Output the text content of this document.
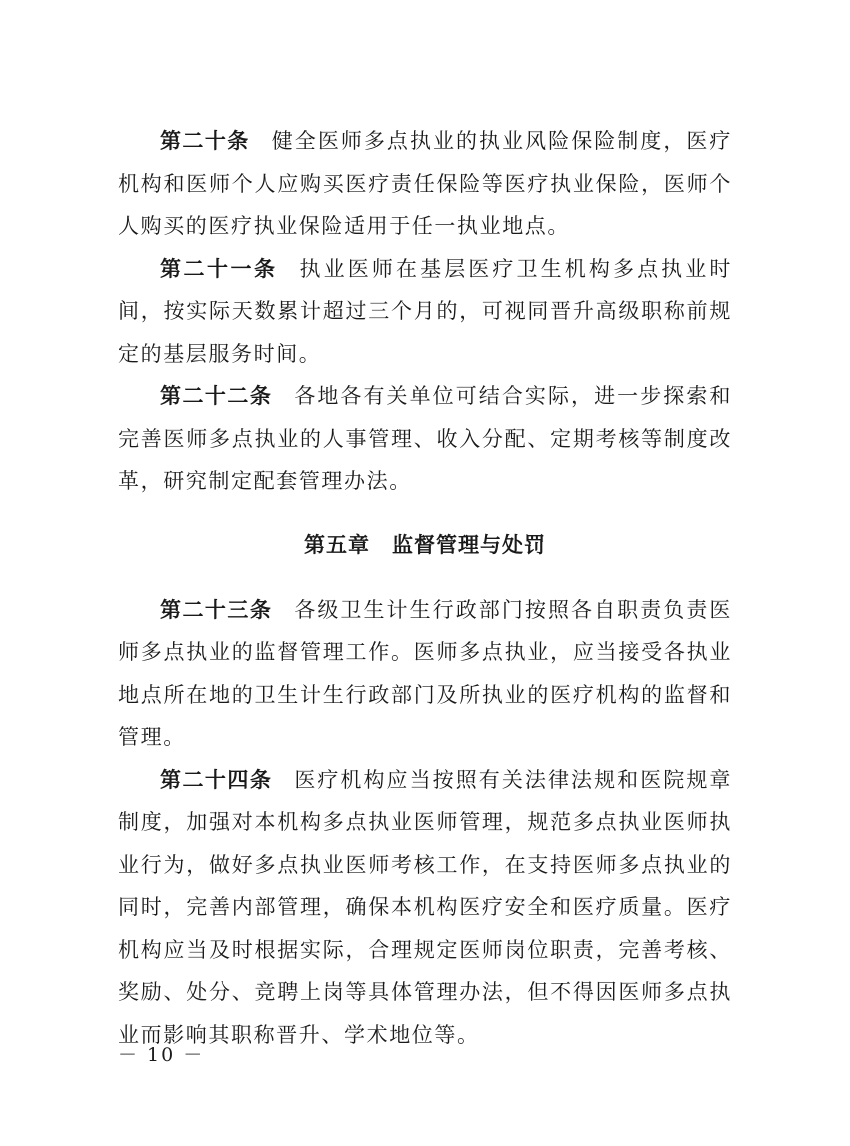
第二十条 健全医师多点执业的执业风险保险制度，医疗机构和医师个人应购买医疗责任保险等医疗执业保险，医师个人购买的医疗执业保险适用于任一执业地点。

第二十一条 执业医师在基层医疗卫生机构多点执业时间，按实际天数累计超过三个月的，可视同晋升高级职称前规定的基层服务时间。

第二十二条 各地各有关单位可结合实际，进一步探索和完善医师多点执业的人事管理、收入分配、定期考核等制度改革，研究制定配套管理办法。

第五章 监督管理与处罚

第二十三条 各级卫生计生行政部门按照各自职责负责医师多点执业的监督管理工作。医师多点执业，应当接受各执业地点所在地的卫生计生行政部门及所执业的医疗机构的监督和管理。

第二十四条 医疗机构应当按照有关法律法规和医院规章制度，加强对本机构多点执业医师管理，规范多点执业医师执业行为，做好多点执业医师考核工作，在支持医师多点执业的同时，完善内部管理，确保本机构医疗安全和医疗质量。医疗机构应当及时根据实际，合理规定医师岗位职责，完善考核、奖励、处分、竞聘上岗等具体管理办法，但不得因医师多点执业而影响其职称晋升、学术地位等。

－ 10 －
